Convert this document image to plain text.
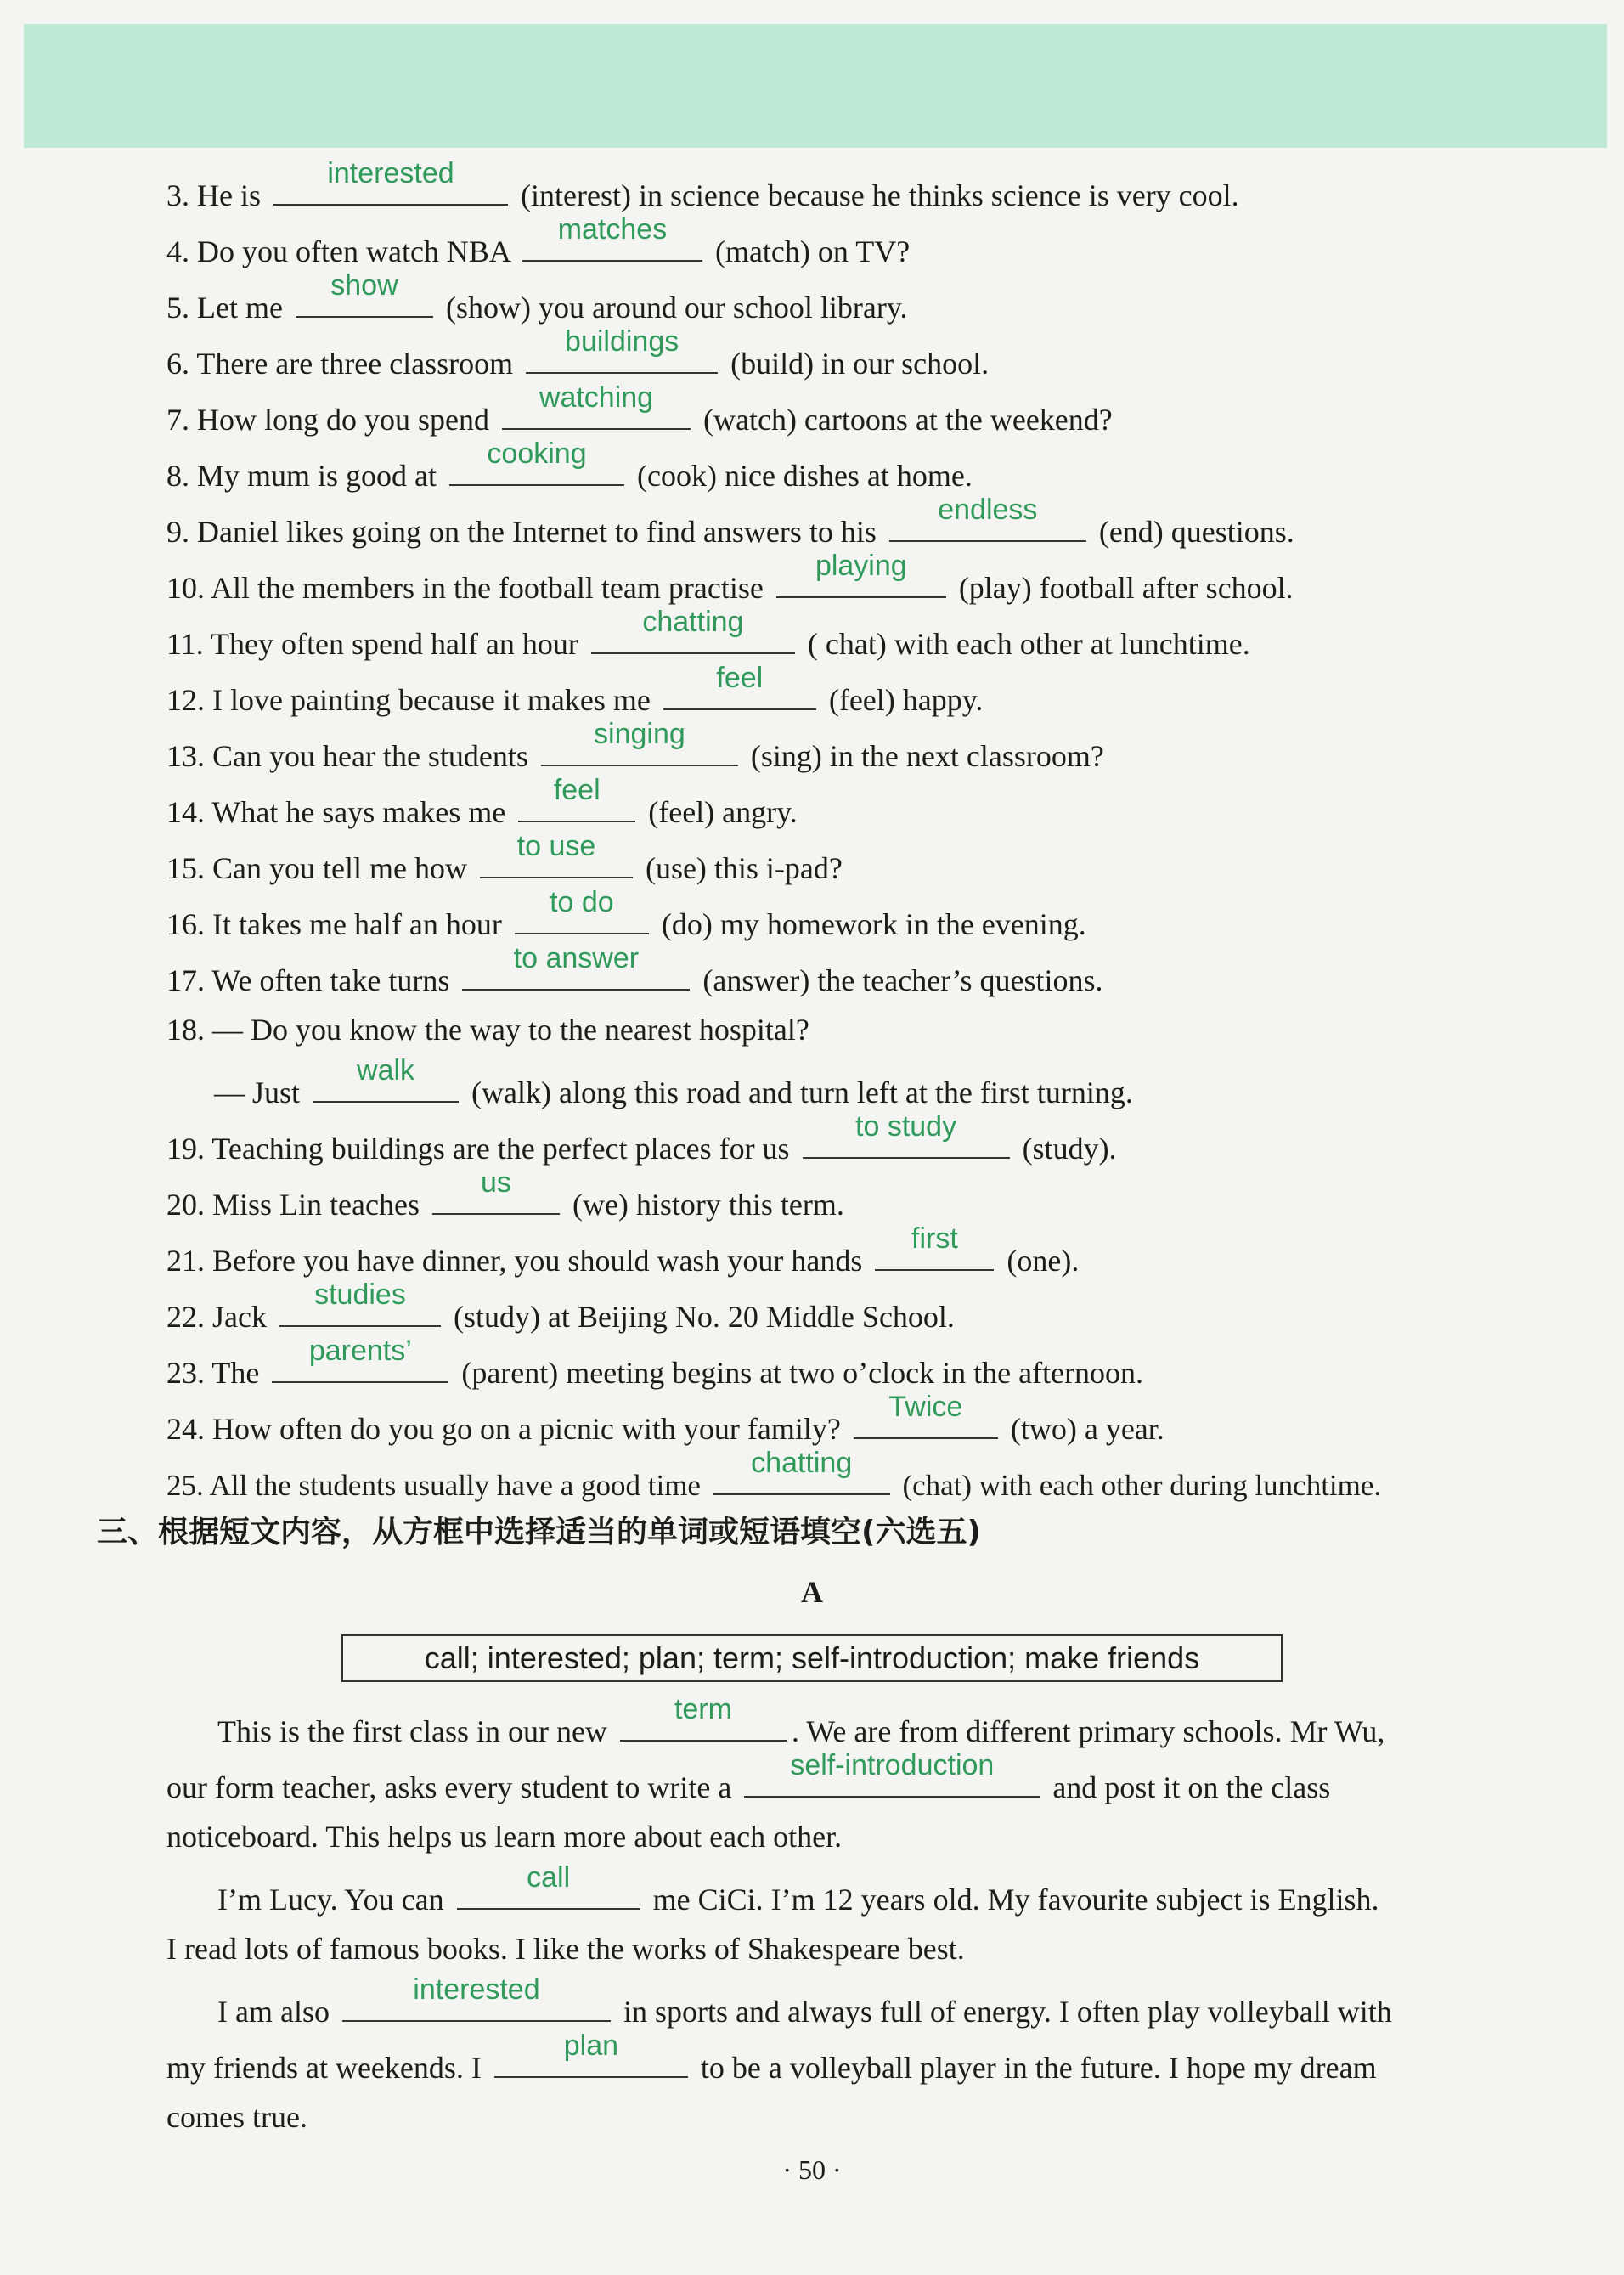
3. He is
interested
(interest) in science because he thinks science is very cool.
4. Do you often watch NBA
matches
(match) on TV?
5. Let me
show
(show) you around our school library.
6. There are three classroom
buildings
(build) in our school.
7. How long do you spend
watching
(watch) cartoons at the weekend?
8. My mum is good at
cooking
(cook) nice dishes at home.
9. Daniel likes going on the Internet to find answers to his
endless
(end) questions.
10. All the members in the football team practise
playing
(play) football after school.
11. They often spend half an hour
chatting
( chat) with each other at lunchtime.
12. I love painting because it makes me
feel
(feel) happy.
13. Can you hear the students
singing
(sing) in the next classroom?
14. What he says makes me
feel
(feel) angry.
15. Can you tell me how
to use
(use) this i-pad?
16. It takes me half an hour
to do
(do) my homework in the evening.
17. We often take turns
to answer
(answer) the teacher’s questions.
18. — Do you know the way to the nearest hospital?
— Just
walk
(walk) along this road and turn left at the first turning.
19. Teaching buildings are the perfect places for us
to study
(study).
20. Miss Lin teaches
us
(we) history this term.
21. Before you have dinner, you should wash your hands
first
(one).
22. Jack
studies
(study) at Beijing No. 20 Middle School.
23. The
parents’
(parent) meeting begins at two o’clock in the afternoon.
24. How often do you go on a picnic with your family?
Twice
(two) a year.
25. All the students usually have a good time
chatting
(chat) with each other during lunchtime.
三、根据短文内容，从方框中选择适当的单词或短语填空(六选五)
A
call; interested; plan; term; self-introduction; make friends
This is the first class in our new
term
. We are from different primary schools. Mr Wu,
our form teacher, asks every student to write a
self-introduction
and post it on the class
noticeboard. This helps us learn more about each other.
I’m Lucy. You can
call
me CiCi. I’m 12 years old. My favourite subject is English.
I read lots of famous books. I like the works of Shakespeare best.
I am also
interested
in sports and always full of energy. I often play volleyball with
my friends at weekends. I
plan
to be a volleyball player in the future. I hope my dream
comes true.
· 50 ·
